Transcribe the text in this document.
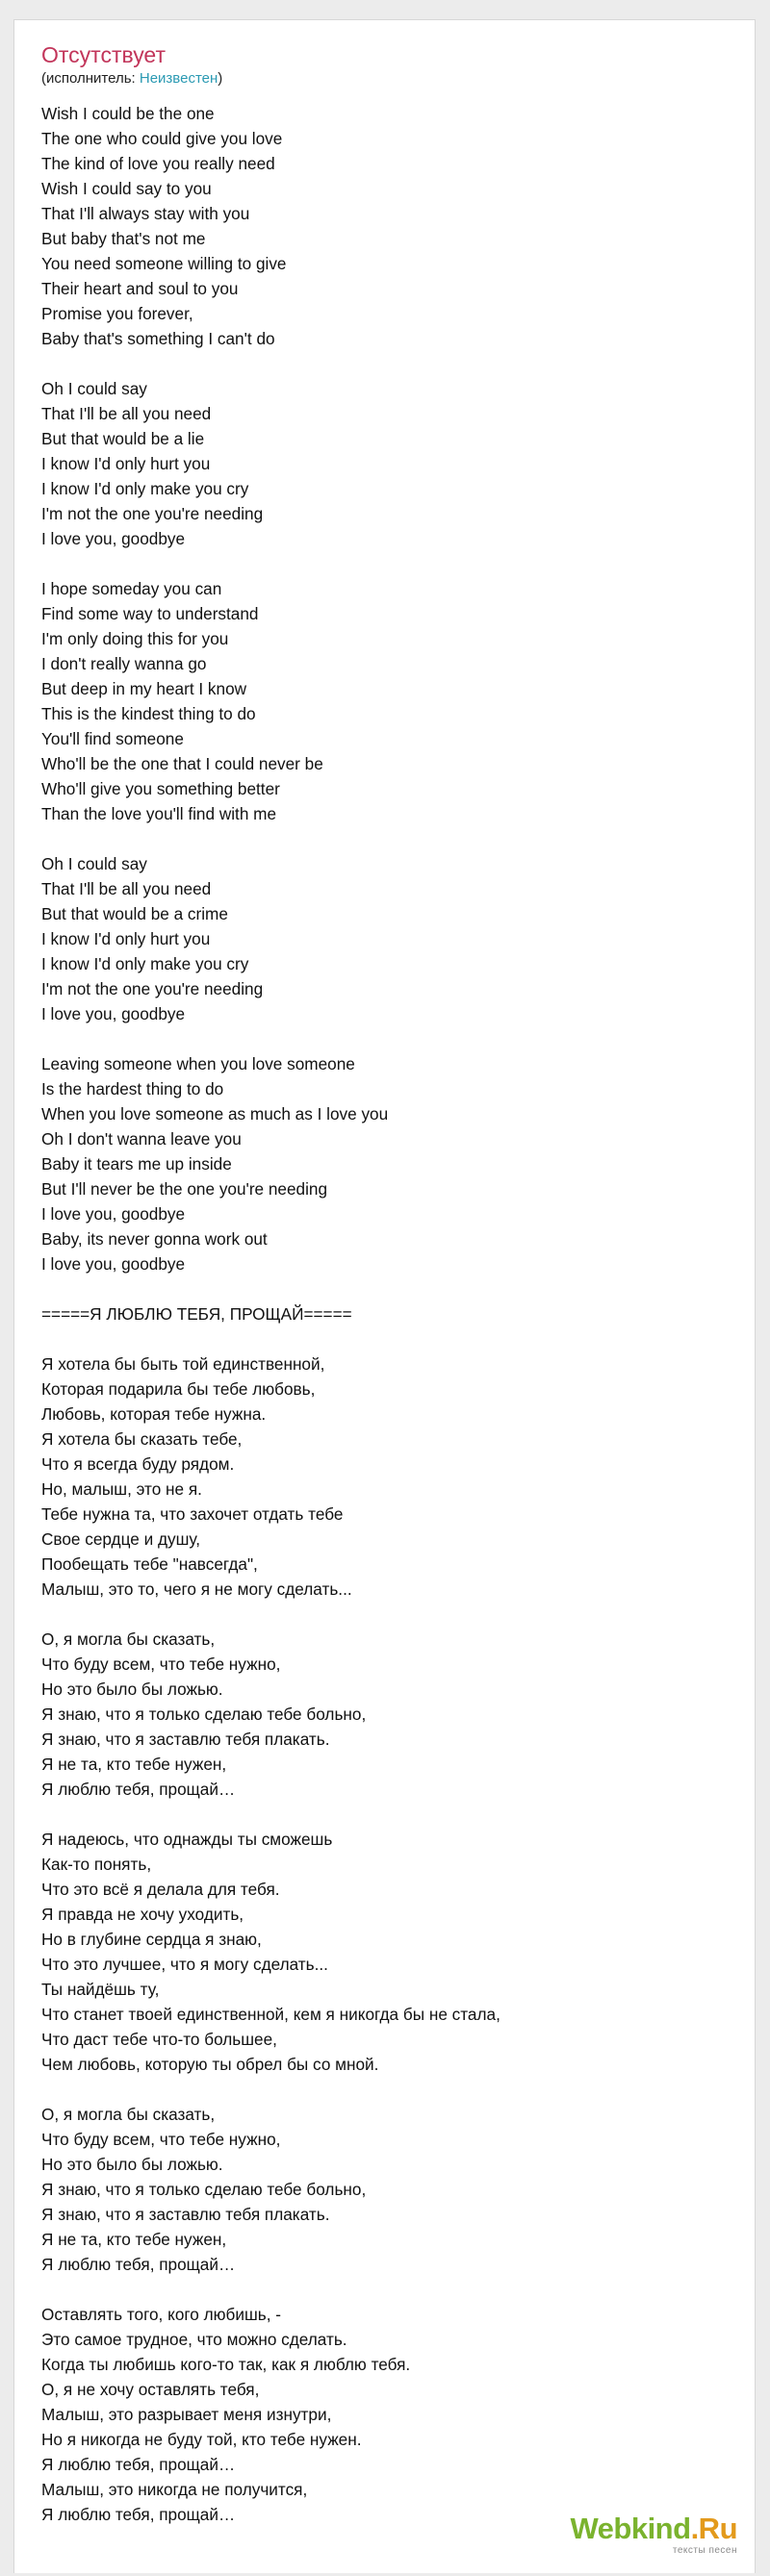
Отсутствует
(исполнитель: Неизвестен)
Wish I could be the one
The one who could give you love
The kind of love you really need
Wish I could say to you
That I'll always stay with you
But baby that's not me
You need someone willing to give
Their heart and soul to you
Promise you forever,
Baby that's something I can't do
Oh I could say
That I'll be all you need
But that would be a lie
I know I'd only hurt you
I know I'd only make you cry
I'm not the one you're needing
I love you, goodbye
I hope someday you can
Find some way to understand
I'm only doing this for you
I don't really wanna go
But deep in my heart I know
This is the kindest thing to do
You'll find someone
Who'll be the one that I could never be
Who'll give you something better
Than the love you'll find with me
Oh I could say
That I'll be all you need
But that would be a crime
I know I'd only hurt you
I know I'd only make you cry
I'm not the one you're needing
I love you, goodbye
Leaving someone when you love someone
Is the hardest thing to do
When you love someone as much as I love you
Oh I don't wanna leave you
Baby it tears me up inside
But I'll never be the one you're needing
I love you, goodbye
Baby, its never gonna work out
I love you, goodbye
=====Я ЛЮБЛЮ ТЕБЯ, ПРОЩАЙ=====
Я хотела бы быть той единственной,
Которая подарила бы тебе любовь,
Любовь, которая тебе нужна.
Я хотела бы сказать тебе,
Что я всегда буду рядом.
Но, малыш, это не я.
Тебе нужна та, что захочет отдать тебе
Свое сердце и душу,
Пообещать тебе "навсегда",
Малыш, это то, чего я не могу сделать...
О, я могла бы сказать,
Что буду всем, что тебе нужно,
Но это было бы ложью.
Я знаю, что я только сделаю тебе больно,
Я знаю, что я заставлю тебя плакать.
Я не та, кто тебе нужен,
Я люблю тебя, прощай…
Я надеюсь, что однажды ты сможешь
Как-то понять,
Что это всё я делала для тебя.
Я правда не хочу уходить,
Но в глубине сердца я знаю,
Что это лучшее, что я могу сделать...
Ты найдёшь ту,
Что станет твоей единственной, кем я никогда бы не стала,
Что даст тебе что-то большее,
Чем любовь, которую ты обрел бы со мной.
О, я могла бы сказать,
Что буду всем, что тебе нужно,
Но это было бы ложью.
Я знаю, что я только сделаю тебе больно,
Я знаю, что я заставлю тебя плакать.
Я не та, кто тебе нужен,
Я люблю тебя, прощай…
Оставлять того, кого любишь, -
Это самое трудное, что можно сделать.
Когда ты любишь кого-то так, как я люблю тебя.
О, я не хочу оставлять тебя,
Малыш, это разрывает меня изнутри,
Но я никогда не буду той, кто тебе нужен.
Я люблю тебя, прощай…
Малыш, это никогда не получится,
Я люблю тебя, прощай…	Webkind.Ru
тексты песен
